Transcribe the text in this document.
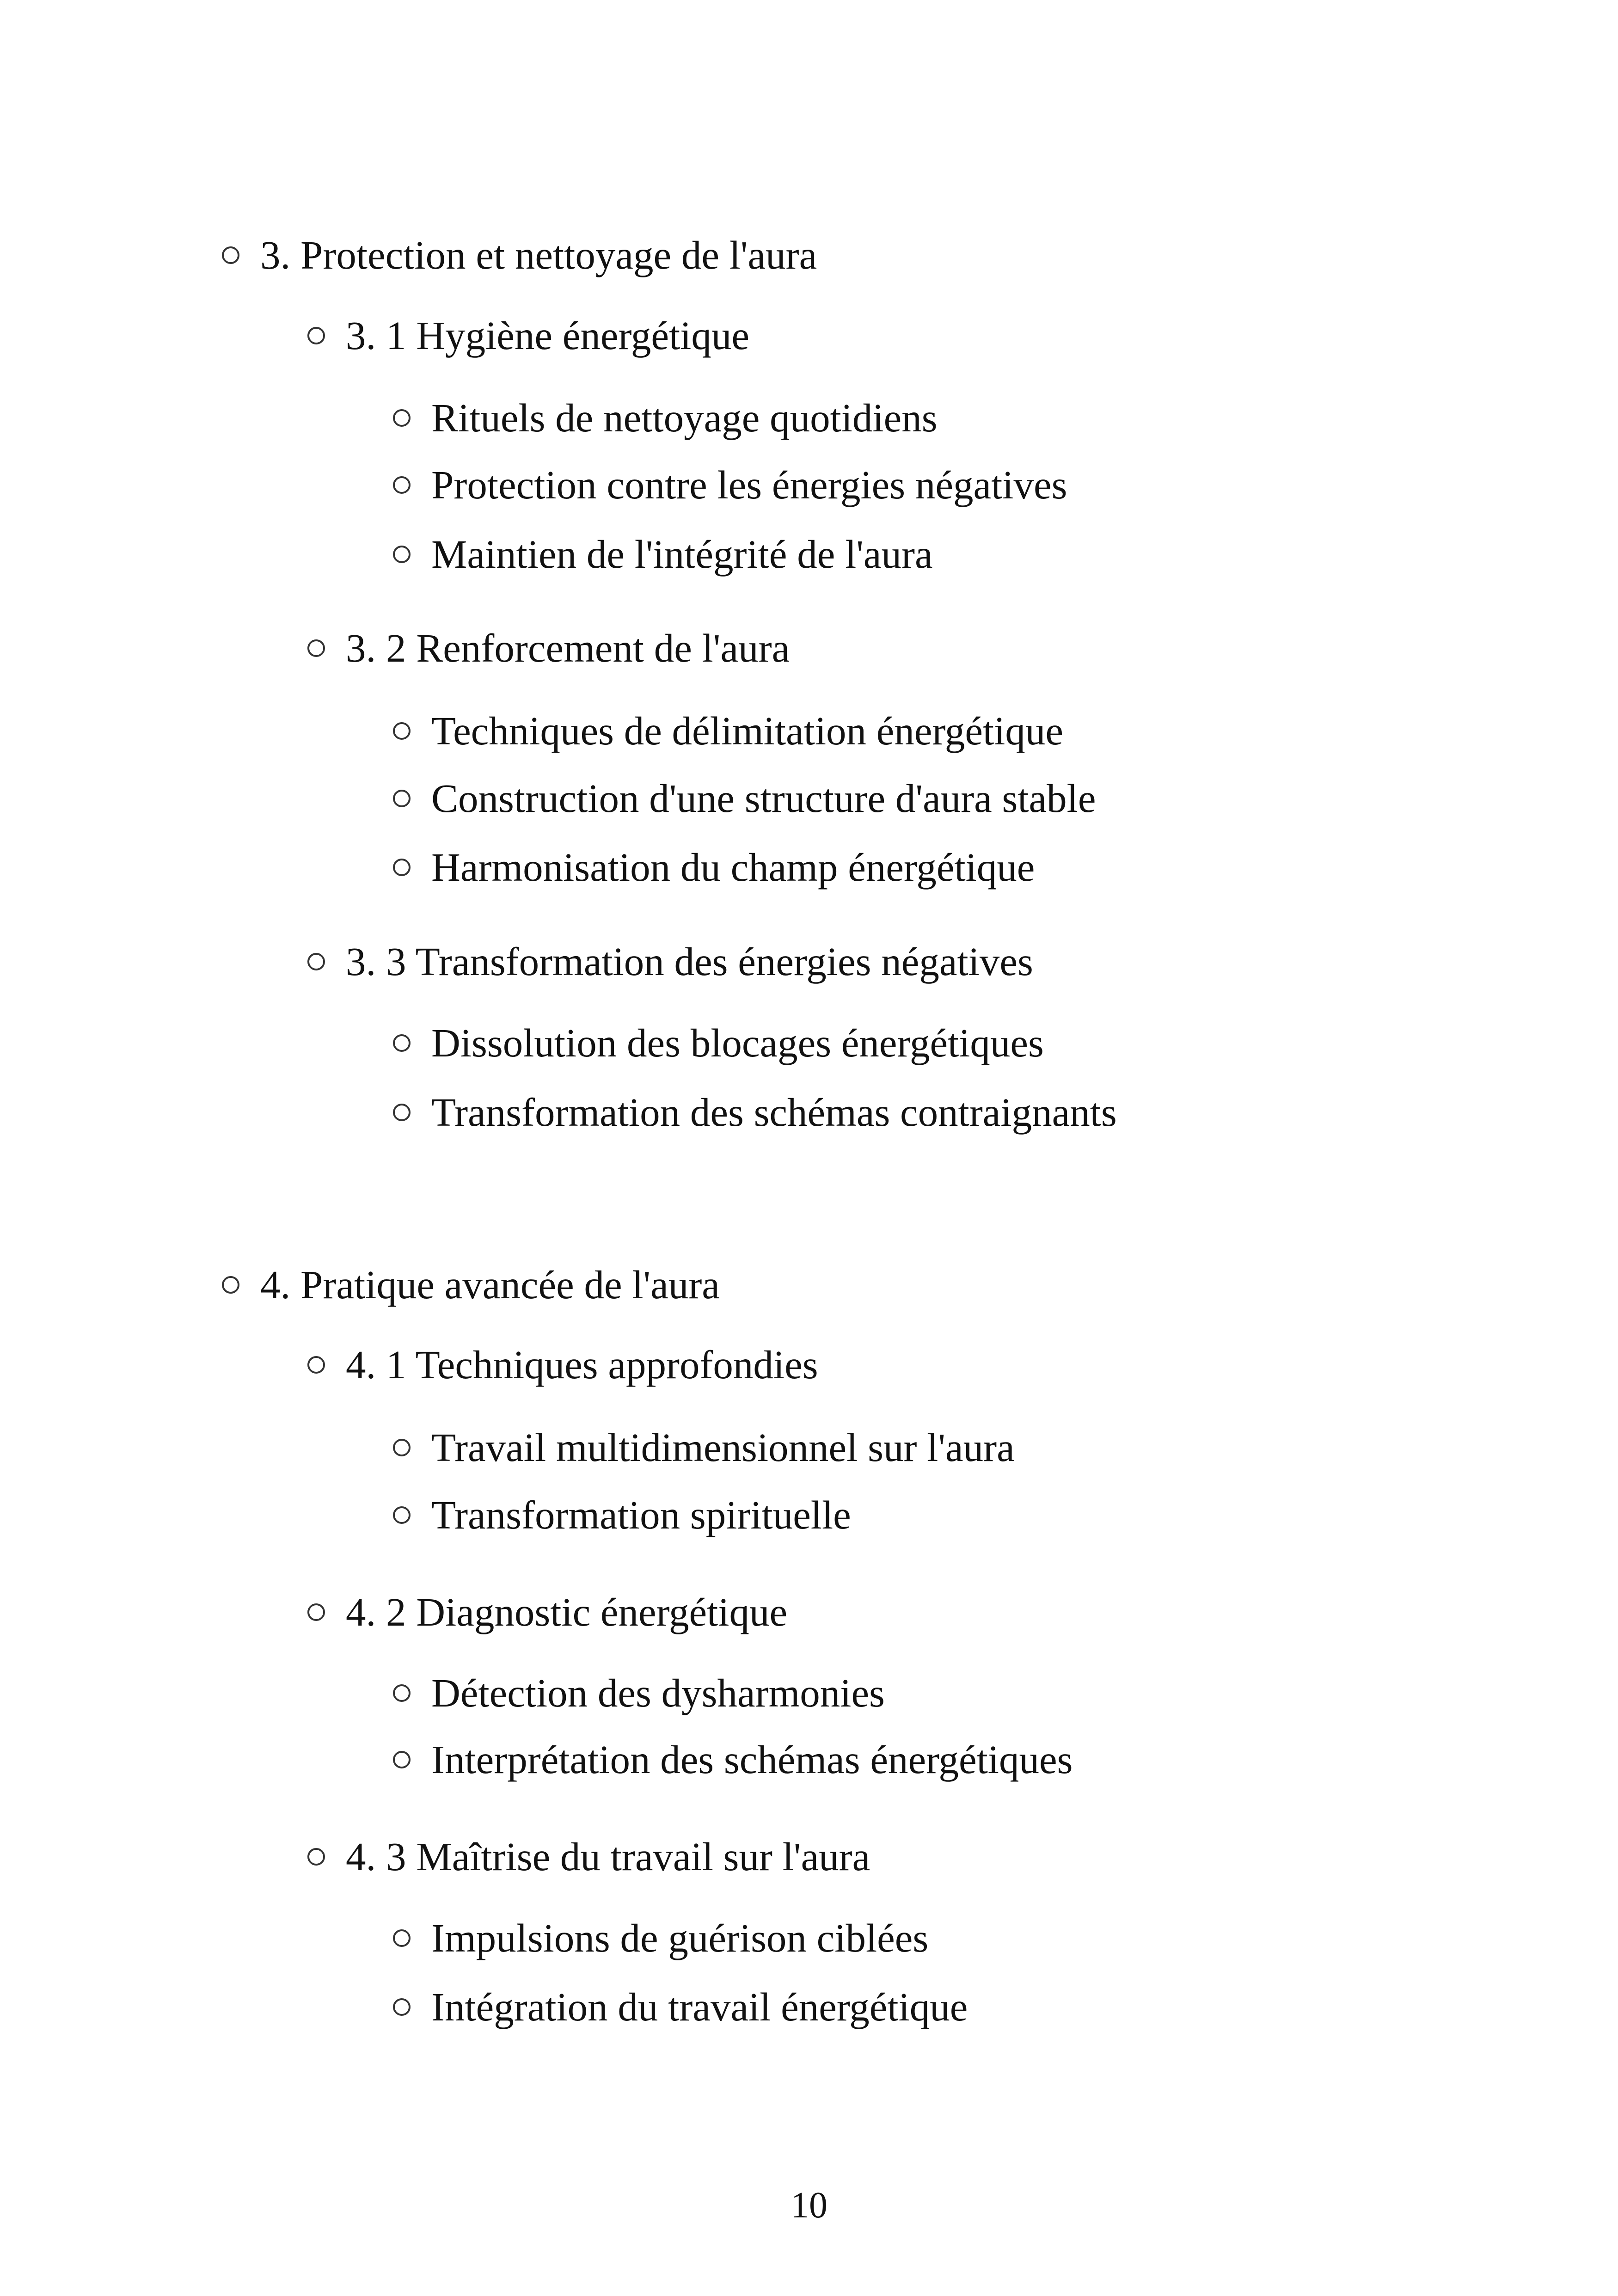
3. Protection et nettoyage de l'aura
3. 1 Hygiène énergétique
Rituels de nettoyage quotidiens
Protection contre les énergies négatives
Maintien de l'intégrité de l'aura
3. 2 Renforcement de l'aura
Techniques de délimitation énergétique
Construction d'une structure d'aura stable
Harmonisation du champ énergétique
3. 3 Transformation des énergies négatives
Dissolution des blocages énergétiques
Transformation des schémas contraignants
4. Pratique avancée de l'aura
4. 1 Techniques approfondies
Travail multidimensionnel sur l'aura
Transformation spirituelle
4. 2 Diagnostic énergétique
Détection des dysharmonies
Interprétation des schémas énergétiques
4. 3 Maîtrise du travail sur l'aura
Impulsions de guérison ciblées
Intégration du travail énergétique
10
